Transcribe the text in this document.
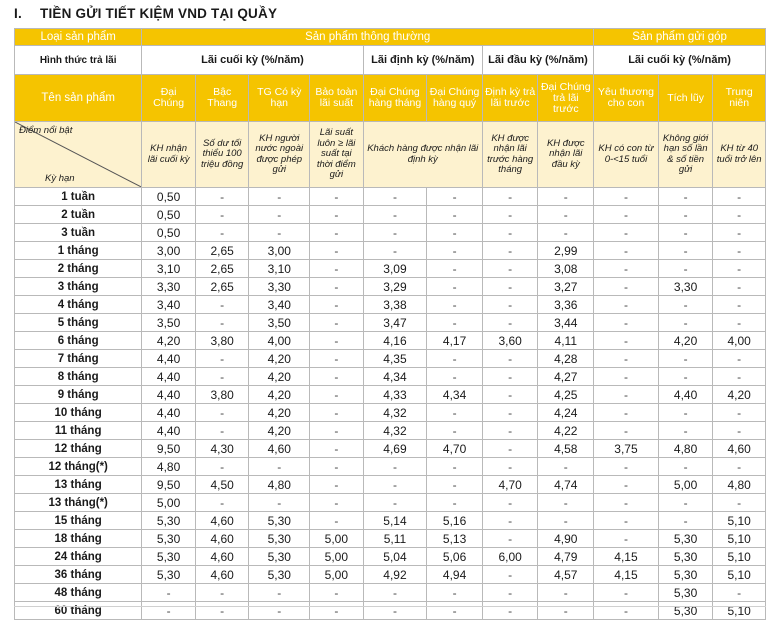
I. TIỀN GỬI TIẾT KIỆM VND TẠI QUẦY
Loại sản phẩm	Sản phẩm thông thường								Sản phẩm gửi góp		
Hình thức trả lãi	Lãi cuối kỳ (%/năm)				Lãi định kỳ (%/năm)		Lãi đầu kỳ (%/năm)		Lãi cuối kỳ (%/năm)		
Tên sản phẩm	Đại Chúng	Bậc Thang	TG Có kỳ hạn	Bảo toàn lãi suất	Đại Chúng hàng tháng	Đại Chúng hàng quý	Định kỳ trả lãi trước	Đại Chúng trả lãi trước	Yêu thương cho con	Tích lũy	Trung niên

Điểm nổi bật
Kỳ hạn	KH nhận lãi cuối kỳ	Số dư tối thiểu 100 triệu đồng	KH người nước ngoài được phép gửi	Lãi suất luôn ≥ lãi suất tại thời điểm gửi	Khách hàng được nhận lãi định kỳ		KH được nhận lãi trước hàng tháng	KH được nhận lãi đầu kỳ	KH có con từ 0-<15 tuổi	Không giới hạn số lần & số tiền gửi	KH từ 40 tuổi trở lên
1 tuần	0,50	-	-	-	-	-	-	-	-	-	-
2 tuần	0,50	-	-	-	-	-	-	-	-	-	-
3 tuần	0,50	-	-	-	-	-	-	-	-	-	-
1 tháng	3,00	2,65	3,00	-	-	-	-	2,99	-	-	-
2 tháng	3,10	2,65	3,10	-	3,09	-	-	3,08	-	-	-
3 tháng	3,30	2,65	3,30	-	3,29	-	-	3,27	-	3,30	-
4 tháng	3,40	-	3,40	-	3,38	-	-	3,36	-	-	-
5 tháng	3,50	-	3,50	-	3,47	-	-	3,44	-	-	-
6 tháng	4,20	3,80	4,00	-	4,16	4,17	3,60	4,11	-	4,20	4,00
7 tháng	4,40	-	4,20	-	4,35	-	-	4,28	-	-	-
8 tháng	4,40	-	4,20	-	4,34	-	-	4,27	-	-	-
9 tháng	4,40	3,80	4,20	-	4,33	4,34	-	4,25	-	4,40	4,20
10 tháng	4,40	-	4,20	-	4,32	-	-	4,24	-	-	-
11 tháng	4,40	-	4,20	-	4,32	-	-	4,22	-	-	-
12 tháng	9,50	4,30	4,60	-	4,69	4,70	-	4,58	3,75	4,80	4,60
12 tháng(*)	4,80	-	-	-	-	-	-	-	-	-	-
13 tháng	9,50	4,50	4,80	-	-	-	4,70	4,74	-	5,00	4,80
13 tháng(*)	5,00	-	-	-	-	-	-	-	-	-	-
15 tháng	5,30	4,60	5,30	-	5,14	5,16	-	-	-	-	5,10
18 tháng	5,30	4,60	5,30	5,00	5,11	5,13	-	4,90	-	5,30	5,10
24 tháng	5,30	4,60	5,30	5,00	5,04	5,06	6,00	4,79	4,15	5,30	5,10
36 tháng	5,30	4,60	5,30	5,00	4,92	4,94	-	4,57	4,15	5,30	5,10
48 tháng	-	-	-	-	-	-	-	-	-	5,30	-
60 tháng	-	-	-	-	-	-	-	-	-	5,30	5,10
